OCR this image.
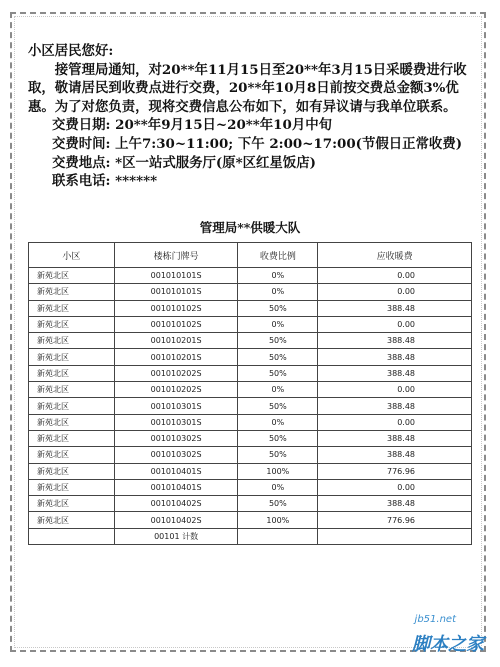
小区居民您好:

接管理局通知，对20**年11月15日至20**年3月15日采暖费进行收取，敬请居民到收费点进行交费，20**年10月8日前按交费总金额3%优惠。为了对您负责，现将交费信息公布如下，如有异议请与我单位联系。

交费日期: 20**年9月15日~20**年10月中旬

交费时间: 上午7:30~11:00; 下午 2:00~17:00(节假日正常收费)

交费地点: *区一站式服务厅(原*区红星饭店)

联系电话: ******

管理局**供暖大队
小区	楼栋门牌号	收费比例	应收暖费
新苑北区	001010101S	0%	0.00
新苑北区	001010101S	0%	0.00
新苑北区	001010102S	50%	388.48
新苑北区	001010102S	0%	0.00
新苑北区	001010201S	50%	388.48
新苑北区	001010201S	50%	388.48
新苑北区	001010202S	50%	388.48
新苑北区	001010202S	0%	0.00
新苑北区	001010301S	50%	388.48
新苑北区	001010301S	0%	0.00
新苑北区	001010302S	50%	388.48
新苑北区	001010302S	50%	388.48
新苑北区	001010401S	100%	776.96
新苑北区	001010401S	0%	0.00
新苑北区	001010402S	50%	388.48
新苑北区	001010402S	100%	776.96
	00101 计数		
jb51.net
脚本之家
